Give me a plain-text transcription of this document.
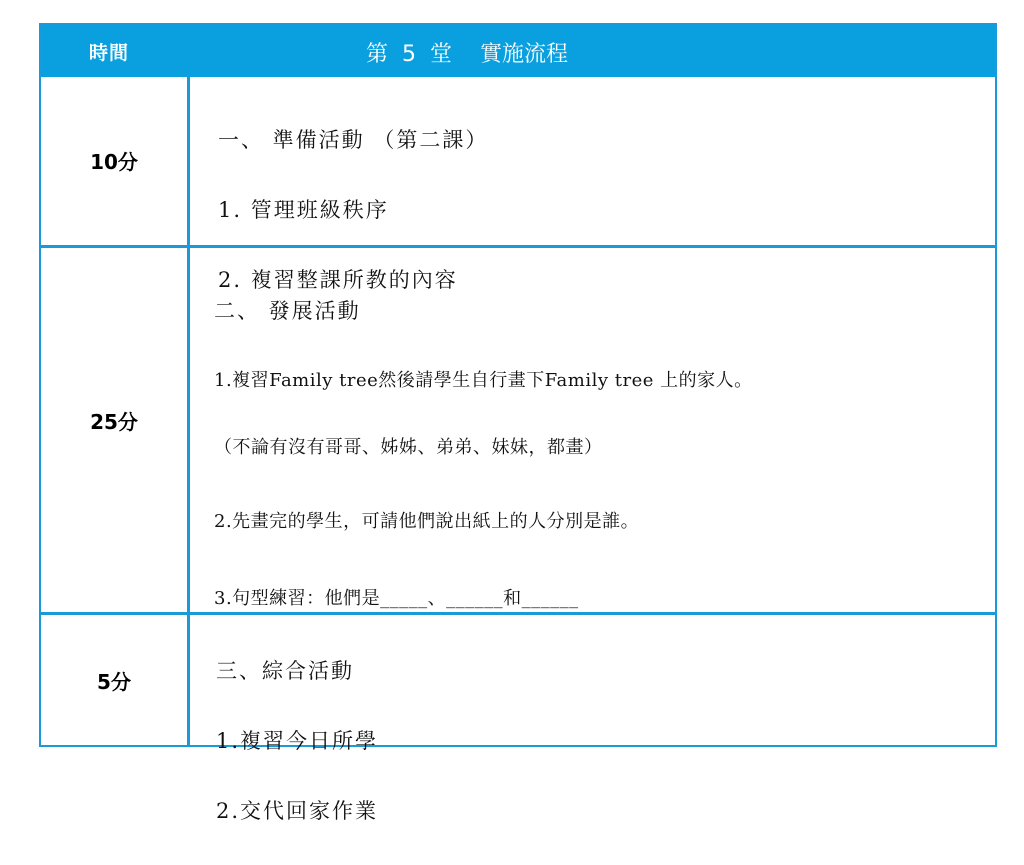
時間	第  5  堂    實施流程
10分

一、 準備活動 （第二課）

1. 管理班級秩序

2. 複習整課所教的內容

25分

二、 發展活動

1.複習Family tree然後請學生自行畫下Family tree 上的家人。

（不論有沒有哥哥、姊姊、弟弟、妹妹，都畫）

2.先畫完的學生，可請他們說出紙上的人分別是誰。

3.句型練習：他們是_____、______和______

5分

	三、綜合活動

1.複習今日所學

2.交代回家作業
